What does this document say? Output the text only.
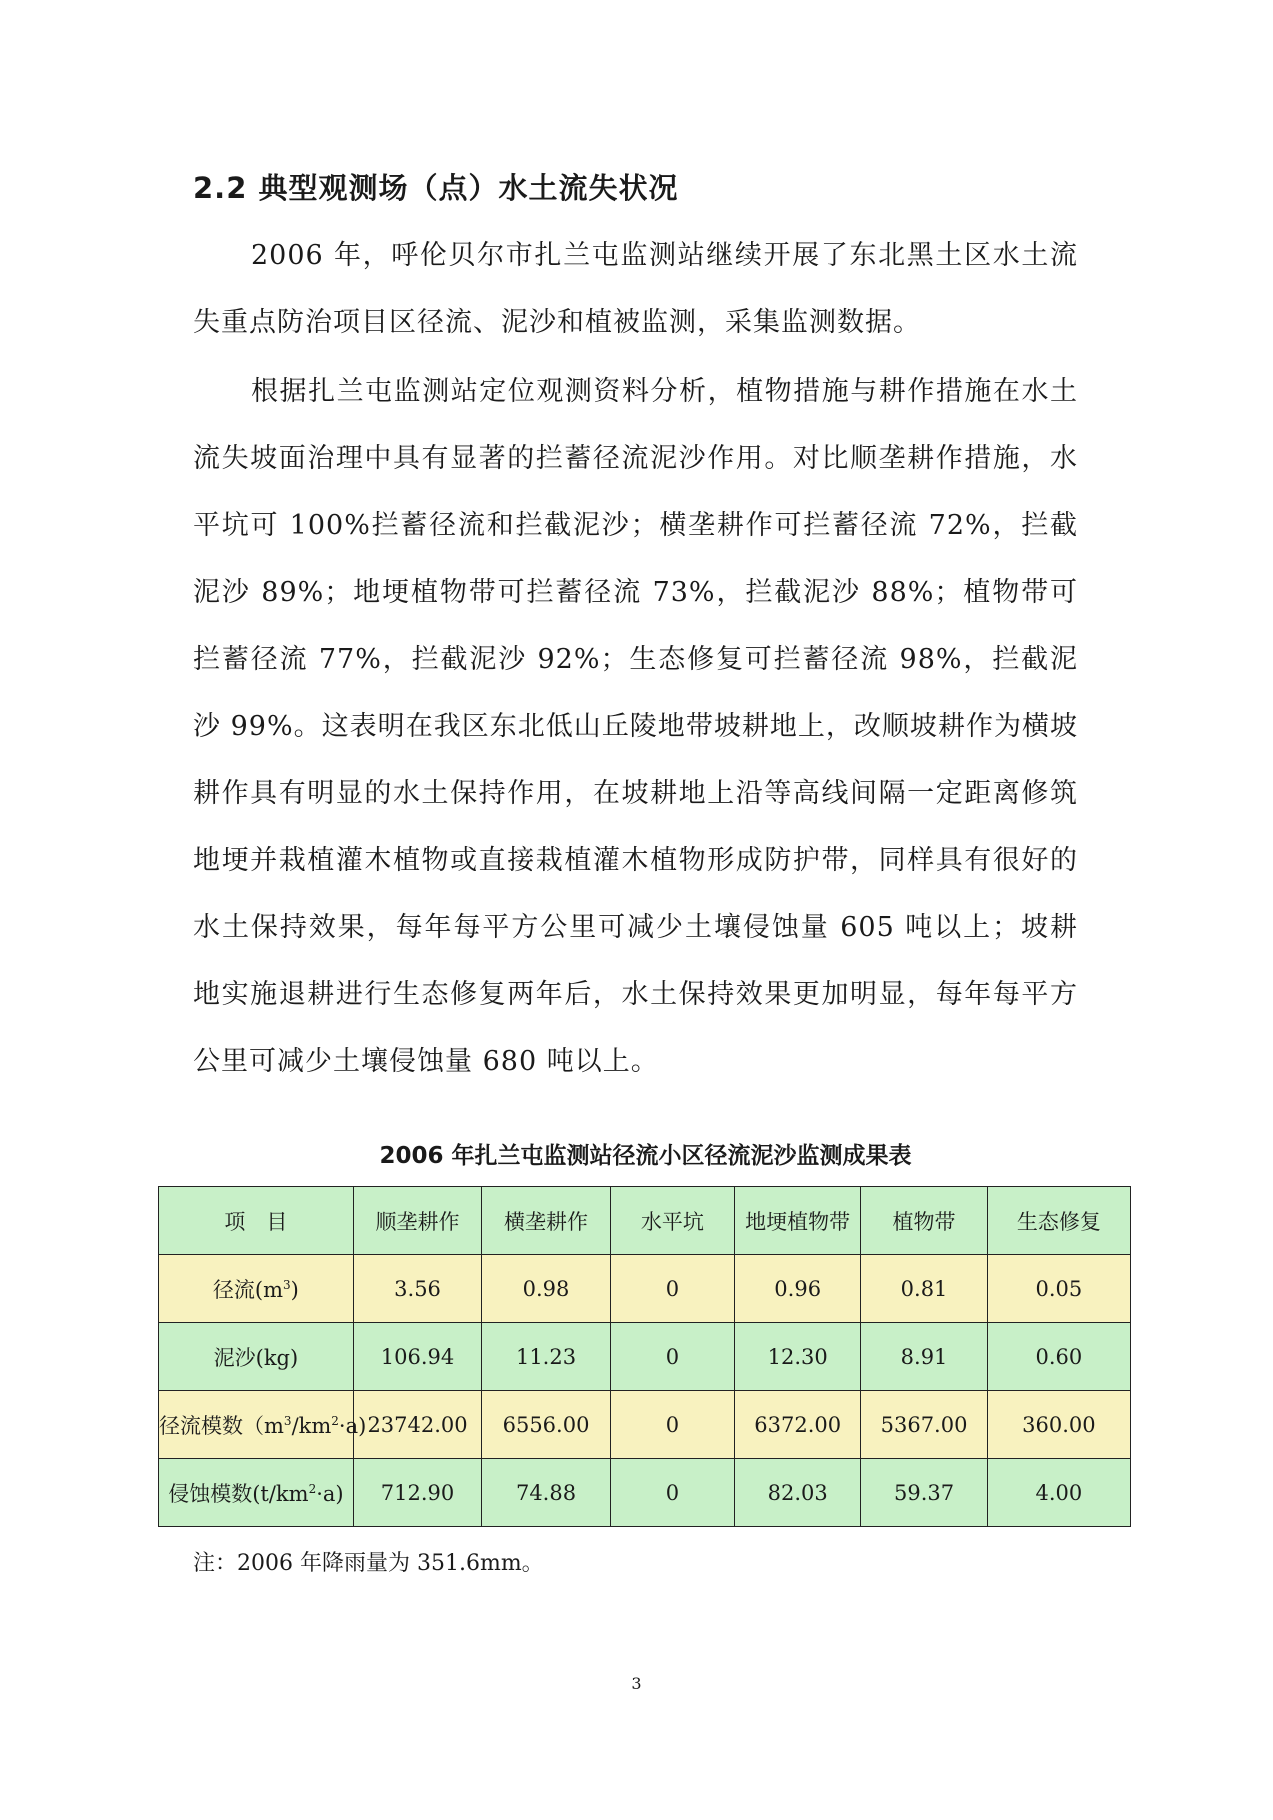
2.2 典型观测场（点）水土流失状况

2006 年，呼伦贝尔市扎兰屯监测站继续开展了东北黑土区水土流失重点防治项目区径流、泥沙和植被监测，采集监测数据。

根据扎兰屯监测站定位观测资料分析，植物措施与耕作措施在水土流失坡面治理中具有显著的拦蓄径流泥沙作用。对比顺垄耕作措施，水平坑可 100%拦蓄径流和拦截泥沙；横垄耕作可拦蓄径流 72%，拦截泥沙 89%；地埂植物带可拦蓄径流 73%，拦截泥沙 88%；植物带可拦蓄径流 77%，拦截泥沙 92%；生态修复可拦蓄径流 98%，拦截泥沙 99%。这表明在我区东北低山丘陵地带坡耕地上，改顺坡耕作为横坡耕作具有明显的水土保持作用，在坡耕地上沿等高线间隔一定距离修筑地埂并栽植灌木植物或直接栽植灌木植物形成防护带，同样具有很好的水土保持效果，每年每平方公里可减少土壤侵蚀量 605 吨以上；坡耕地实施退耕进行生态修复两年后，水土保持效果更加明显，每年每平方公里可减少土壤侵蚀量 680 吨以上。

2006 年扎兰屯监测站径流小区径流泥沙监测成果表

项　目	顺垄耕作	横垄耕作	水平坑	地埂植物带	植物带	生态修复
径流$(m^3)$	3.56	0.98	0	0.96	0.81	0.05
泥沙(kg)	106.94	11.23	0	12.30	8.91	0.60
径流模数$(m^3/km^2\cdot a)$	23742.00	6556.00	0	6372.00	5367.00	360.00
侵蚀模数$(t/km^2\cdot a)$	712.90	74.88	0	82.03	59.37	4.00

注：2006 年降雨量为 351.6mm。

3
